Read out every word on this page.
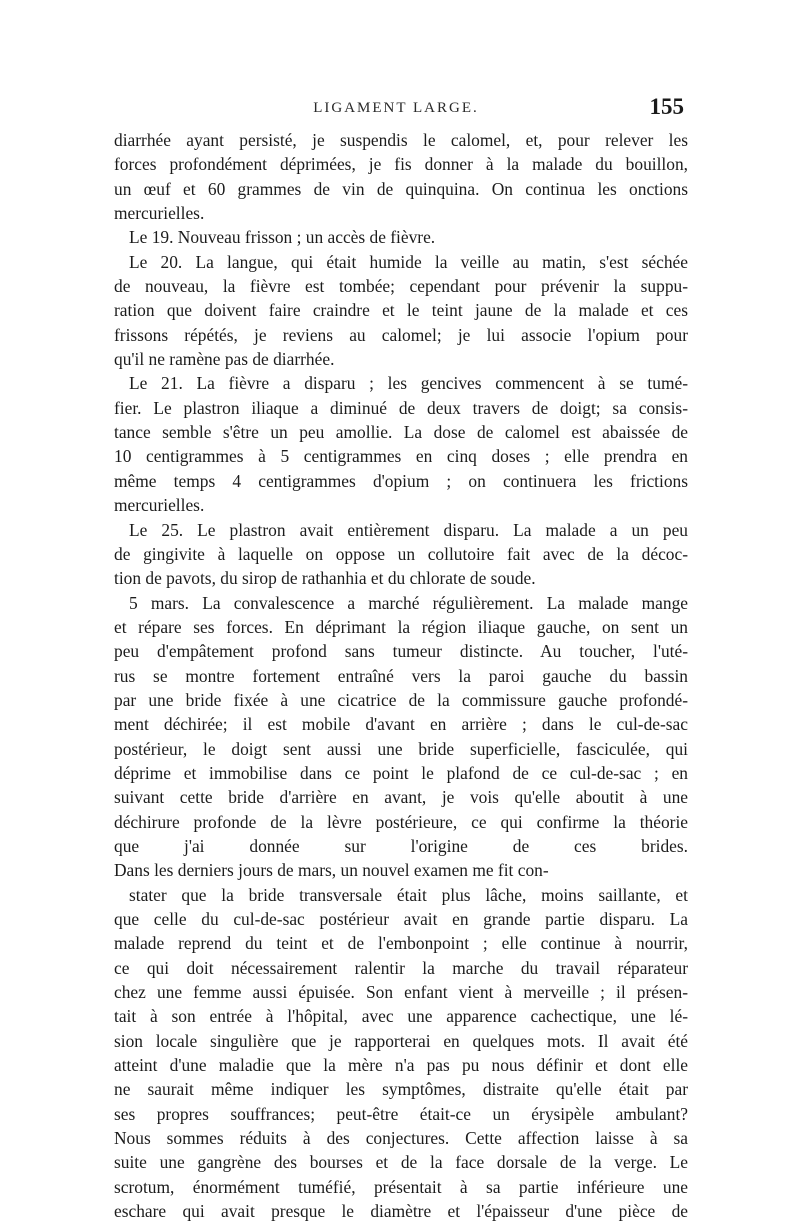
LIGAMENT LARGE.	155
diarrhée ayant persisté, je suspendis le calomel, et, pour relever les
forces profondément déprimées, je fis donner à la malade du bouillon,
un œuf et 60 grammes de vin de quinquina. On continua les onctions
mercurielles.
Le 19. Nouveau frisson ; un accès de fièvre.
Le 20. La langue, qui était humide la veille au matin, s'est séchée
de nouveau, la fièvre est tombée; cependant pour prévenir la suppu-
ration que doivent faire craindre et le teint jaune de la malade et ces
frissons répétés, je reviens au calomel; je lui associe l'opium pour
qu'il ne ramène pas de diarrhée.
Le 21. La fièvre a disparu ; les gencives commencent à se tumé-
fier. Le plastron iliaque a diminué de deux travers de doigt; sa consis-
tance semble s'être un peu amollie. La dose de calomel est abaissée de
10 centigrammes à 5 centigrammes en cinq doses ; elle prendra en
même temps 4 centigrammes d'opium ; on continuera les frictions
mercurielles.
Le 25. Le plastron avait entièrement disparu. La malade a un peu
de gingivite à laquelle on oppose un collutoire fait avec de la décoc-
tion de pavots, du sirop de rathanhia et du chlorate de soude.
5 mars. La convalescence a marché régulièrement. La malade mange
et répare ses forces. En déprimant la région iliaque gauche, on sent un
peu d'empâtement profond sans tumeur distincte. Au toucher, l'uté-
rus se montre fortement entraîné vers la paroi gauche du bassin
par une bride fixée à une cicatrice de la commissure gauche profondé-
ment déchirée; il est mobile d'avant en arrière ; dans le cul-de-sac
postérieur, le doigt sent aussi une bride superficielle, fasciculée, qui
déprime et immobilise dans ce point le plafond de ce cul-de-sac ; en
suivant cette bride d'arrière en avant, je vois qu'elle aboutit à une
déchirure profonde de la lèvre postérieure, ce qui confirme la théorie
que j'ai donnée sur l'origine de ces brides.
Dans les derniers jours de mars, un nouvel examen me fit con-
stater que la bride transversale était plus lâche, moins saillante, et
que celle du cul-de-sac postérieur avait en grande partie disparu. La
malade reprend du teint et de l'embonpoint ; elle continue à nourrir,
ce qui doit nécessairement ralentir la marche du travail réparateur
chez une femme aussi épuisée. Son enfant vient à merveille ; il présen-
tait à son entrée à l'hôpital, avec une apparence cachectique, une lé-
sion locale singulière que je rapporterai en quelques mots. Il avait été
atteint d'une maladie que la mère n'a pas pu nous définir et dont elle
ne saurait même indiquer les symptômes, distraite qu'elle était par
ses propres souffrances; peut-être était-ce un érysipèle ambulant?
Nous sommes réduits à des conjectures. Cette affection laisse à sa
suite une gangrène des bourses et de la face dorsale de la verge. Le
scrotum, énormément tuméfié, présentait à sa partie inférieure une
eschare qui avait presque le diamètre et l'épaisseur d'une pièce de
